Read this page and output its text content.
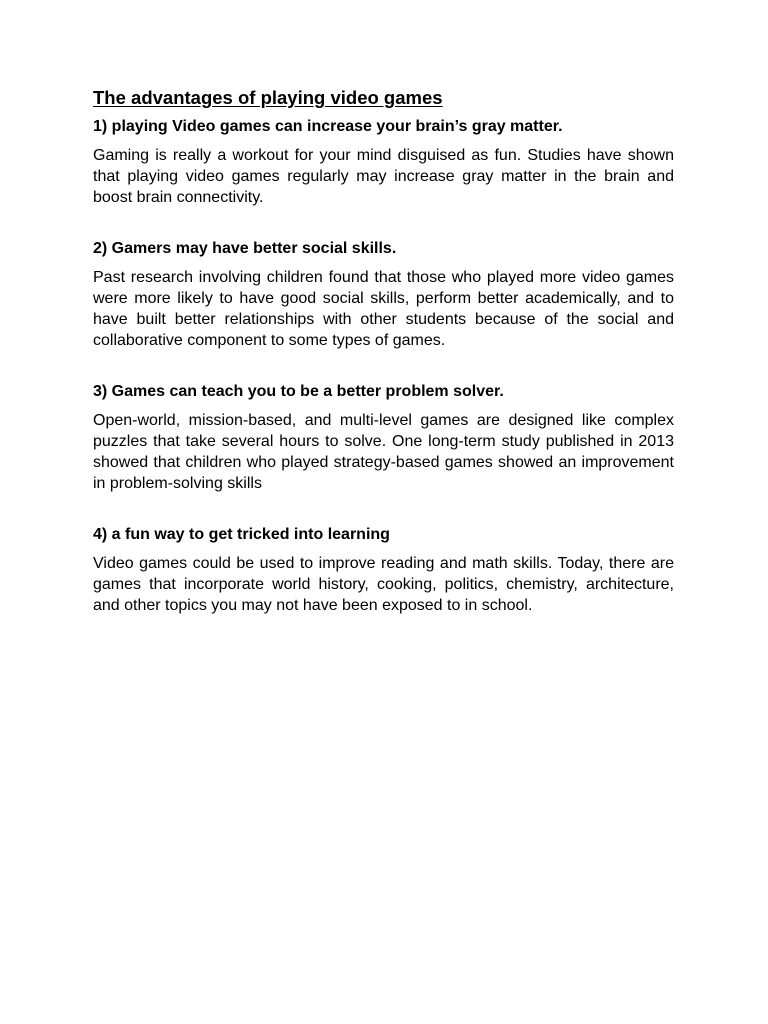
The advantages of playing video games
1) playing Video games can increase your brain’s gray matter.

Gaming is really a workout for your mind disguised as fun. Studies have shown that playing video games regularly may increase gray matter in the brain and boost brain connectivity.

2) Gamers may have better social skills.

Past research involving children found that those who played more video games were more likely to have good social skills, perform better academically, and to have built better relationships with other students because of the social and collaborative component to some types of games.

3) Games can teach you to be a better problem solver.

Open-world, mission-based, and multi-level games are designed like complex puzzles that take several hours to solve. One long-term study published in 2013 showed that children who played strategy-based games showed an improvement in problem-solving skills

4) a fun way to get tricked into learning

Video games could be used to improve reading and math skills. Today, there are games that incorporate world history, cooking, politics, chemistry, architecture, and other topics you may not have been exposed to in school.
